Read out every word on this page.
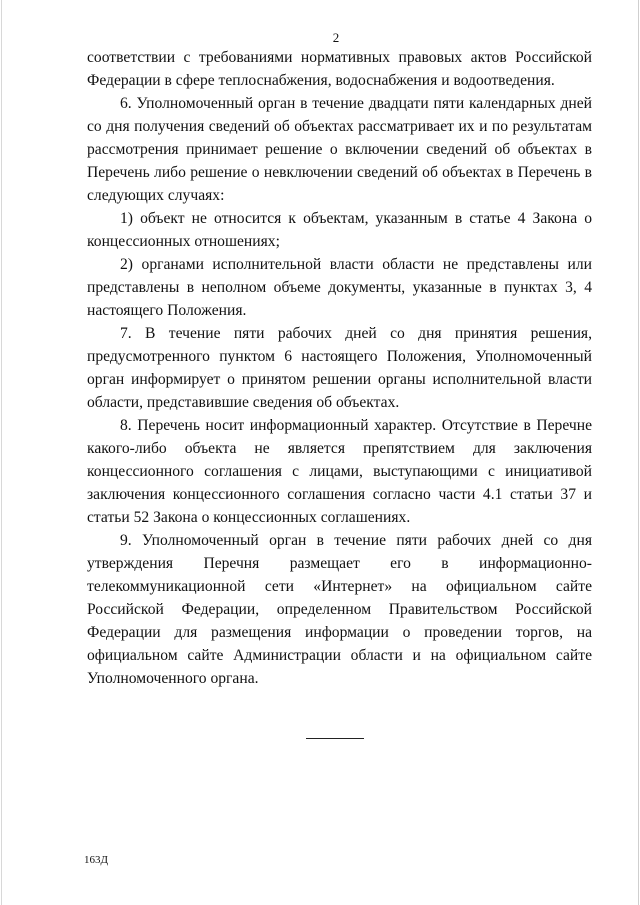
2

соответствии с требованиями нормативных правовых актов Российской Федерации в сфере теплоснабжения, водоснабжения и водоотведения.

6. Уполномоченный орган в течение двадцати пяти календарных дней со дня получения сведений об объектах рассматривает их и по результатам рассмотрения принимает решение о включении сведений об объектах в Перечень либо решение о невключении сведений об объектах в Перечень в следующих случаях:

1) объект не относится к объектам, указанным в статье 4 Закона о концессионных отношениях;

2) органами исполнительной власти области не представлены или представлены в неполном объеме документы, указанные в пунктах 3, 4 настоящего Положения.

7. В течение пяти рабочих дней со дня принятия решения, предусмотренного пунктом 6 настоящего Положения, Уполномоченный орган информирует о принятом решении органы исполнительной власти области, представившие сведения об объектах.

8. Перечень носит информационный характер. Отсутствие в Перечне какого-либо объекта не является препятствием для заключения концессионного соглашения с лицами, выступающими с инициативой заключения концессионного соглашения согласно части 4.1 статьи 37 и статьи 52 Закона о концессионных соглашениях.

9. Уполномоченный орган в течение пяти рабочих дней со дня утверждения Перечня размещает его в информационно-телекоммуникационной сети «Интернет» на официальном сайте Российской Федерации, определенном Правительством Российской Федерации для размещения информации о проведении торгов, на официальном сайте Администрации области и на официальном сайте Уполномоченного органа.

163Д
